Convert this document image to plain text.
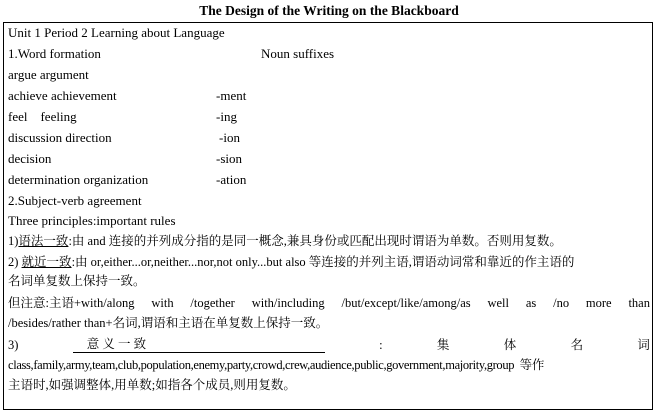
The Design of the Writing on the Blackboard
Unit 1 Period 2 Learning about Language
1.Word formation	Noun suffixes
argue argument
achieve achievement	-ment
feel    feeling	-ing
discussion direction	-ion
decision	-sion
determination organization	-ation
2.Subject-verb agreement
Three principles:important rules
1)语法一致:由 and 连接的并列成分指的是同一概念,兼具身份或匹配出现时谓语为单数。否则用复数。
2) 就近一致:由 or,either...or,neither...nor,not only...but also 等连接的并列主语,谓语动词常和靠近的作主语的
名词单复数上保持一致。
但注意:主语+with/along with /together with/including /but/except/like/among/as well as /no more than
/besides/rather than+名词,谓语和主语在单复数上保持一致。
3)	意 义 一 致	:	集	体	名	词
class,family,army,team,club,population,enemy,party,crowd,crew,audience,public,government,majority,group  等作
主语时,如强调整体,用单数;如指各个成员,则用复数。
